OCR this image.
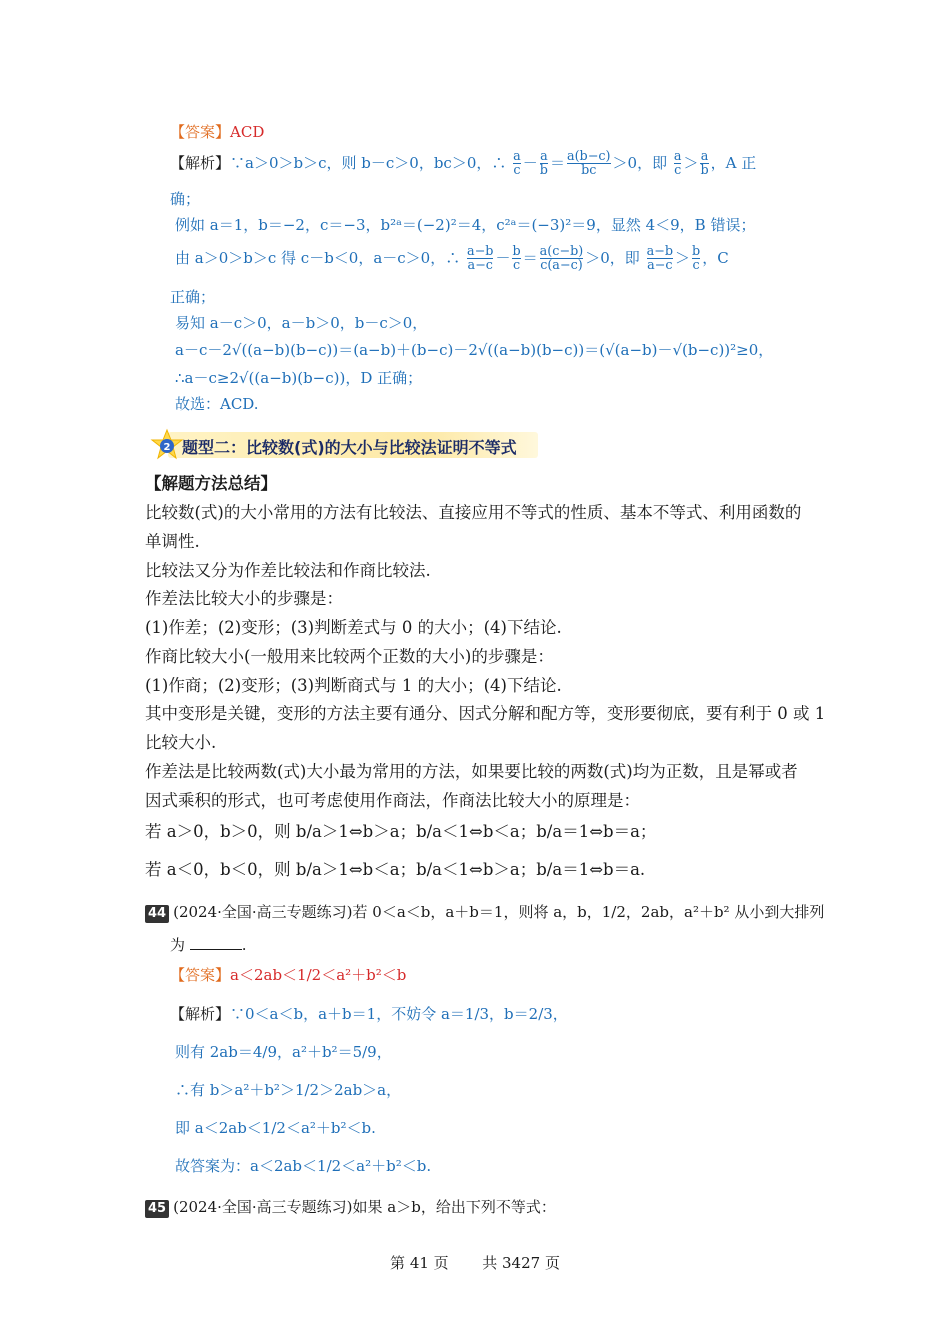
【答案】ACD
【解析】∵a＞0＞b＞c，则 b－c＞0，bc＞0，∴ $\frac{a}{c} - \frac{a}{b} = \frac{a(b-c)}{bc} >0$，即 $\frac{a}{c} > \frac{a}{b}$ ，A 正
确；
例如 a＝1，b＝−2，c＝−3，b²ᵃ＝(−2)²＝4，c²ᵃ＝(−3)²＝9，显然 4＜9，B 错误；
由 a＞0＞b＞c 得 c－b＜0，a－c＞0，∴ $\frac{a-b}{a-c} - \frac{b}{c} = \frac{a(c-b)}{c(a-c)} >0$，即 $\frac{a-b}{a-c} > \frac{b}{c}$ ，C
正确；
易知 a－c＞0，a－b＞0，b－c＞0，
a－c－2√((a−b)(b−c))＝(a−b)＋(b−c)－2√((a−b)(b−c))＝(√(a−b)－√(b−c))²≥0，
∴a－c≥2√((a−b)(b−c))，D 正确；
故选：ACD.
2 题型二：比较数(式)的大小与比较法证明不等式
【解题方法总结】
比较数(式)的大小常用的方法有比较法、直接应用不等式的性质、基本不等式、利用函数的
单调性.
比较法又分为作差比较法和作商比较法.
作差法比较大小的步骤是：
(1)作差；(2)变形；(3)判断差式与 0 的大小；(4)下结论.
作商比较大小(一般用来比较两个正数的大小)的步骤是：
(1)作商；(2)变形；(3)判断商式与 1 的大小；(4)下结论.
其中变形是关键，变形的方法主要有通分、因式分解和配方等，变形要彻底，要有利于 0 或 1
比较大小.
作差法是比较两数(式)大小最为常用的方法，如果要比较的两数(式)均为正数，且是幂或者
因式乘积的形式，也可考虑使用作商法，作商法比较大小的原理是：
若 a＞0，b＞0，则 b/a＞1⇔b＞a；b/a＜1⇔b＜a；b/a＝1⇔b＝a；
若 a＜0，b＜0，则 b/a＞1⇔b＜a；b/a＜1⇔b＞a；b/a＝1⇔b＝a.
44 (2024·全国·高三专题练习)若 0＜a＜b，a＋b＝1，则将 a，b，1/2，2ab，a²＋b² 从小到大排列
为	.
【答案】a＜2ab＜1/2＜a²＋b²＜b
【解析】∵0＜a＜b，a＋b＝1，不妨令 a＝1/3，b＝2/3，
则有 2ab＝4/9，a²＋b²＝5/9，
∴有 b＞a²＋b²＞1/2＞2ab＞a，
即 a＜2ab＜1/2＜a²＋b²＜b.
故答案为：a＜2ab＜1/2＜a²＋b²＜b.
45 (2024·全国·高三专题练习)如果 a＞b，给出下列不等式：
第 41 页 共 3427 页
